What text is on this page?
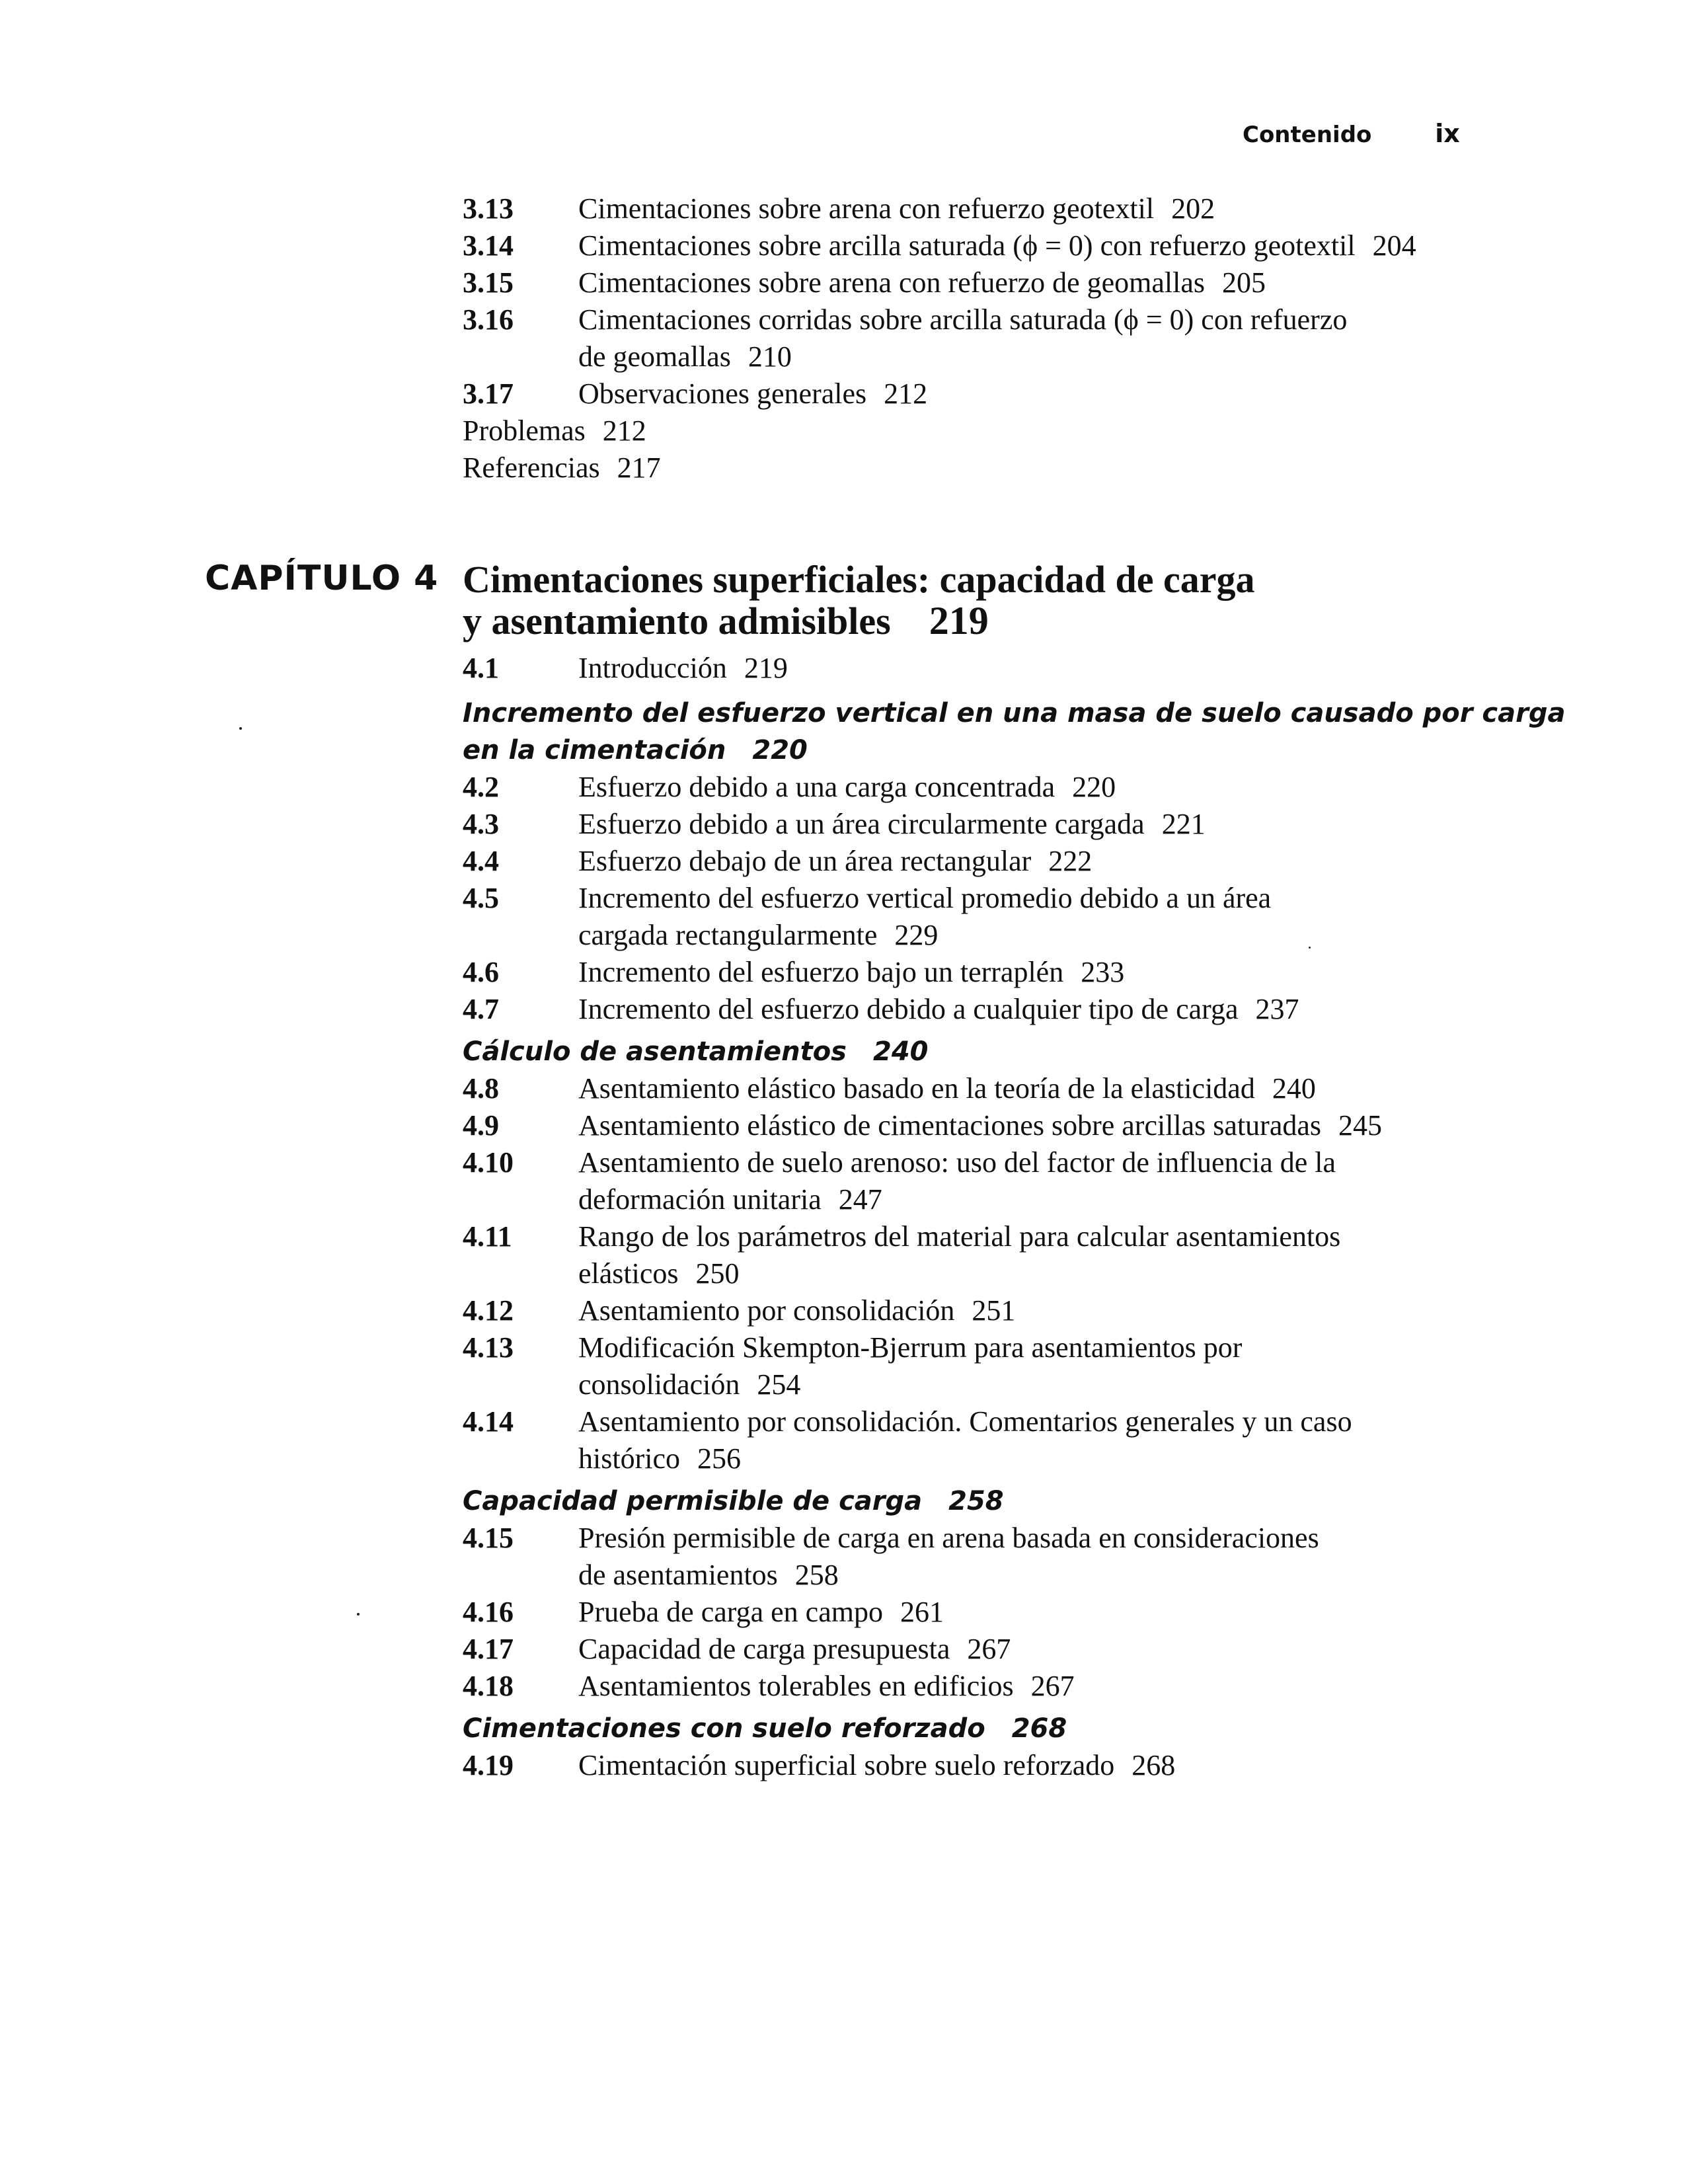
Contenido	ix
3.13	Cimentaciones sobre arena con refuerzo geotextil 202
3.14	Cimentaciones sobre arcilla saturada (ϕ = 0) con refuerzo geotextil 204
3.15	Cimentaciones sobre arena con refuerzo de geomallas 205
3.16	Cimentaciones corridas sobre arcilla saturada (ϕ = 0) con refuerzo
de geomallas 210
3.17	Observaciones generales 212
Problemas 212
Referencias 217
CAPÍTULO 4 Cimentaciones superficiales: capacidad de carga
y asentamiento admisibles 219
4.1	Introducción 219
Incremento del esfuerzo vertical en una masa de suelo causado por carga
en la cimentación 220
4.2	Esfuerzo debido a una carga concentrada 220
4.3	Esfuerzo debido a un área circularmente cargada 221
4.4	Esfuerzo debajo de un área rectangular 222
4.5	Incremento del esfuerzo vertical promedio debido a un área
cargada rectangularmente 229
4.6	Incremento del esfuerzo bajo un terraplén 233
4.7	Incremento del esfuerzo debido a cualquier tipo de carga 237
Cálculo de asentamientos 240
4.8	Asentamiento elástico basado en la teoría de la elasticidad 240
4.9	Asentamiento elástico de cimentaciones sobre arcillas saturadas 245
4.10	Asentamiento de suelo arenoso: uso del factor de influencia de la
deformación unitaria 247
4.11	Rango de los parámetros del material para calcular asentamientos
elásticos 250
4.12	Asentamiento por consolidación 251
4.13	Modificación Skempton-Bjerrum para asentamientos por
consolidación 254
4.14	Asentamiento por consolidación. Comentarios generales y un caso
histórico 256
Capacidad permisible de carga 258
4.15	Presión permisible de carga en arena basada en consideraciones
de asentamientos 258
4.16	Prueba de carga en campo 261
4.17	Capacidad de carga presupuesta 267
4.18	Asentamientos tolerables en edificios 267
Cimentaciones con suelo reforzado 268
4.19	Cimentación superficial sobre suelo reforzado 268
